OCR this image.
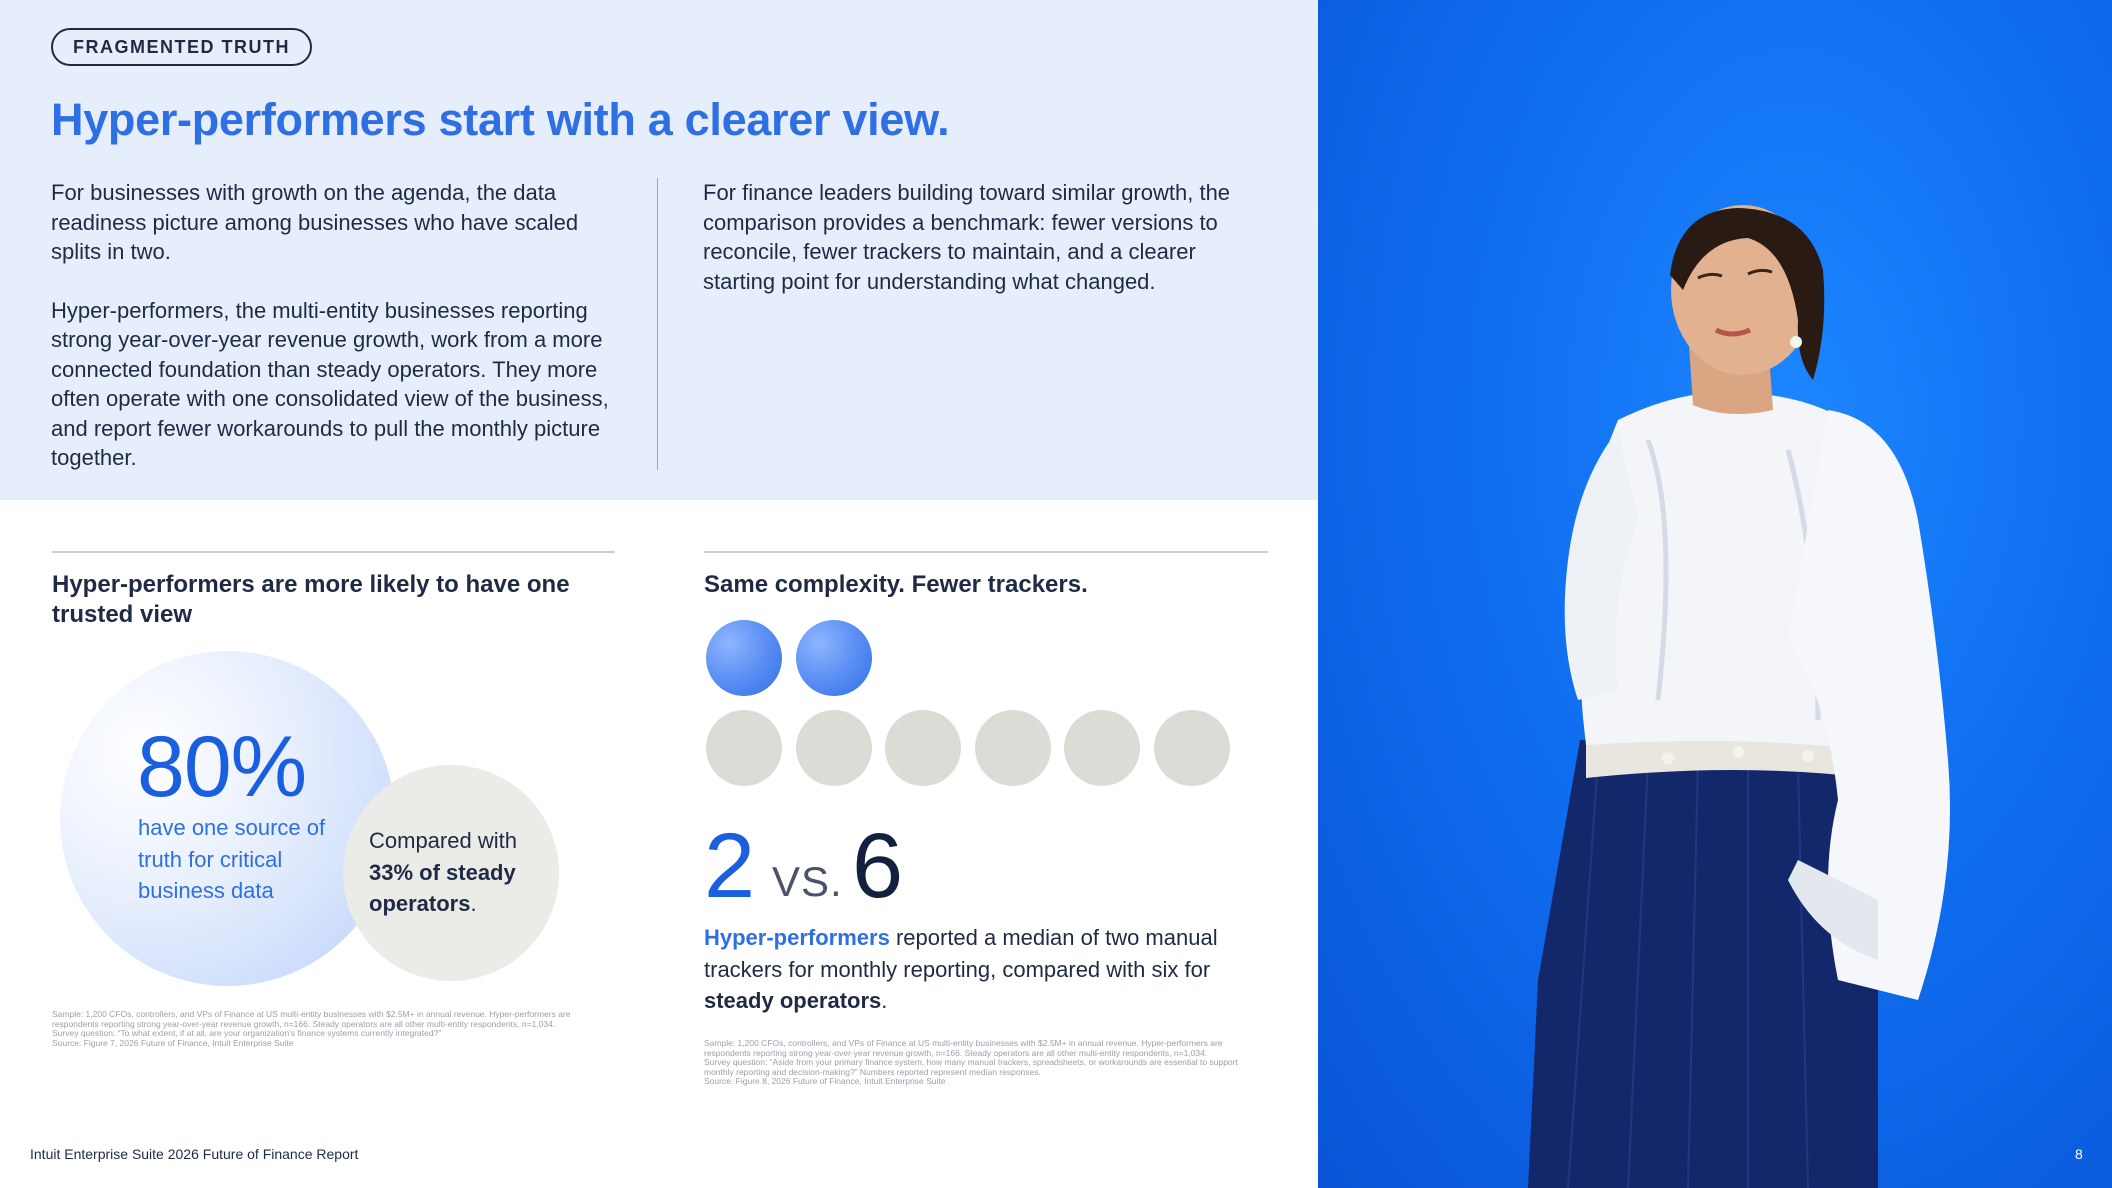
FRAGMENTED TRUTH
Hyper-performers start with a clearer view.

For businesses with growth on the agenda, the data readiness picture among businesses who have scaled splits in two.

Hyper-performers, the multi-entity businesses reporting strong year-over-year revenue growth, work from a more connected foundation than steady operators. They more often operate with one consolidated view of the business, and report fewer workarounds to pull the monthly picture together.

For finance leaders building toward similar growth, the comparison provides a benchmark: fewer versions to reconcile, fewer trackers to maintain, and a clearer starting point for understanding what changed.

Hyper-performers are more likely to have one trusted view
80%
have one source of truth for critical business data
Compared with 33% of steady operators.
Sample: 1,200 CFOs, controllers, and VPs of Finance at US multi-entity businesses with $2.5M+ in annual revenue. Hyper-performers are respondents reporting strong year-over-year revenue growth, n=166. Steady operators are all other multi-entity respondents, n=1,034.
Survey question: “To what extent, if at all, are your organization’s finance systems currently integrated?”
Source: Figure 7, 2026 Future of Finance, Intuit Enterprise Suite
Same complexity. Fewer trackers.
2 VS. 6
Hyper-performers reported a median of two manual trackers for monthly reporting, compared with six for steady operators.
Sample: 1,200 CFOs, controllers, and VPs of Finance at US multi-entity businesses with $2.5M+ in annual revenue. Hyper-performers are respondents reporting strong year-over-year revenue growth, n=166. Steady operators are all other multi-entity respondents, n=1,034.
Survey question: “Aside from your primary finance system, how many manual trackers, spreadsheets, or workarounds are essential to support monthly reporting and decision-making?” Numbers reported represent median responses.
Source: Figure 8, 2026 Future of Finance, Intuit Enterprise Suite
Intuit Enterprise Suite 2026 Future of Finance Report	8
